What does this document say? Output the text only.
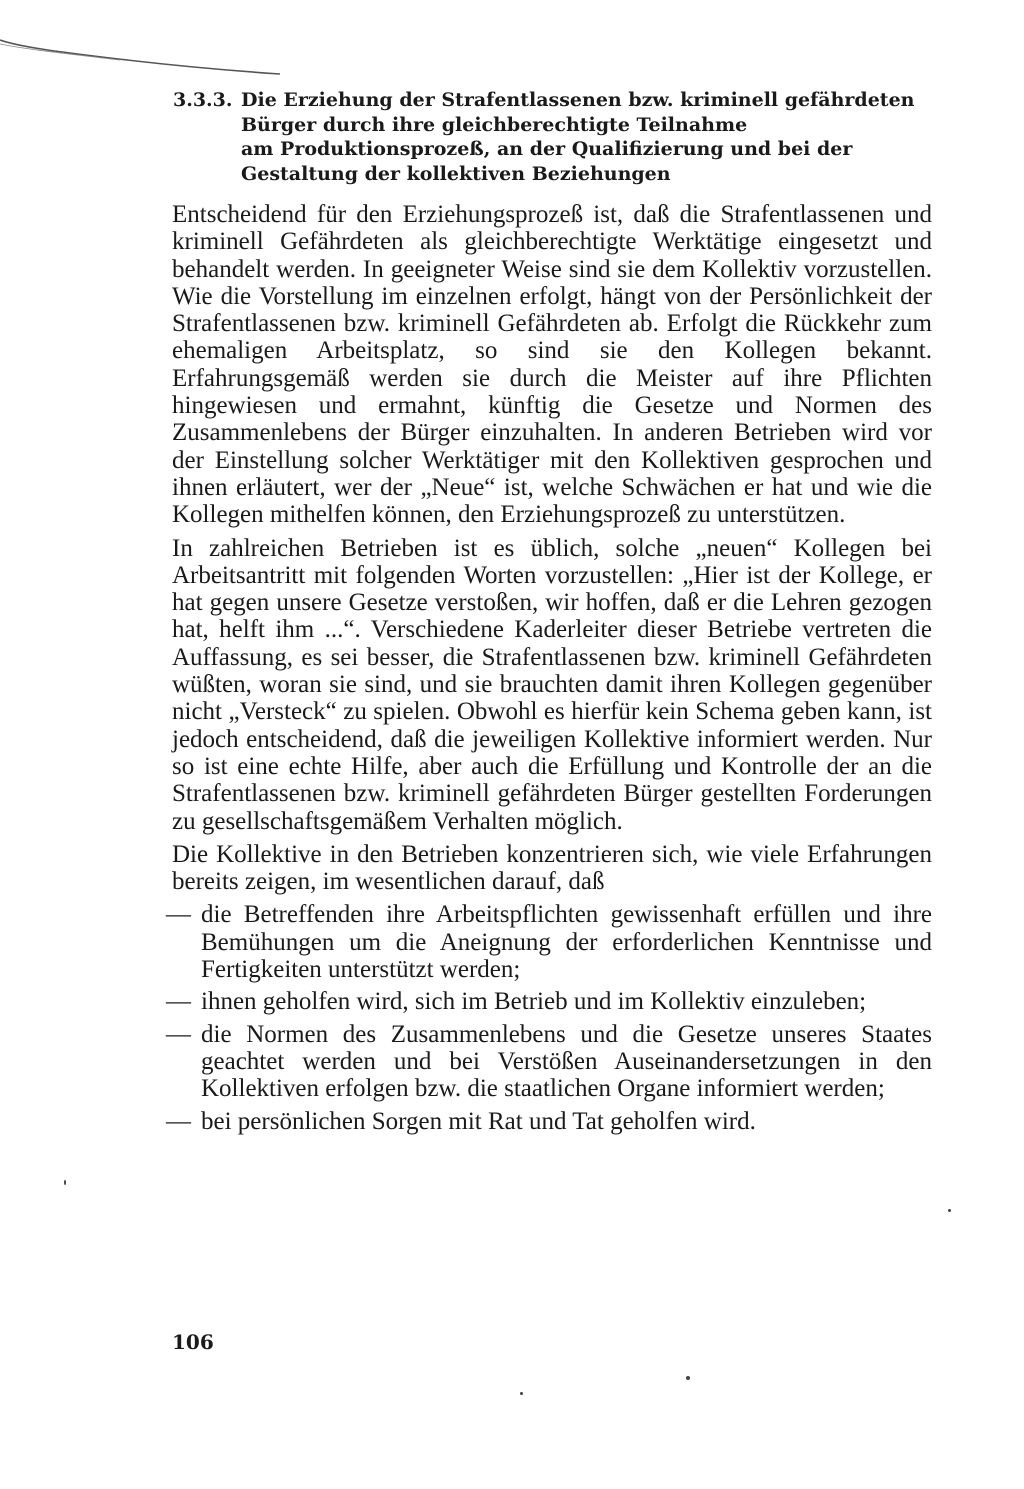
3.3.3. Die Erziehung der Strafentlassenen bzw. kriminell gefährdeten
Bürger durch ihre gleichberechtigte Teilnahme
am Produktionsprozeß, an der Qualifizierung und bei der
Gestaltung der kollektiven Beziehungen

Entscheidend für den Erziehungsprozeß ist, daß die Strafentlassenen und kriminell Gefährdeten als gleichberechtigte Werktätige eingesetzt und behandelt werden. In geeigneter Weise sind sie dem Kollektiv vorzustellen. Wie die Vorstellung im einzelnen erfolgt, hängt von der Persönlichkeit der Strafentlassenen bzw. kriminell Gefährdeten ab. Erfolgt die Rückkehr zum ehemaligen Arbeitsplatz, so sind sie den Kollegen bekannt. Erfahrungsgemäß werden sie durch die Meister auf ihre Pflichten hingewiesen und ermahnt, künftig die Gesetze und Normen des Zusammenlebens der Bürger einzuhalten. In anderen Betrieben wird vor der Einstellung solcher Werktätiger mit den Kollektiven gesprochen und ihnen erläutert, wer der „Neue“ ist, welche Schwächen er hat und wie die Kollegen mithelfen können, den Erziehungsprozeß zu unterstützen.

In zahlreichen Betrieben ist es üblich, solche „neuen“ Kollegen bei Arbeitsantritt mit folgenden Worten vorzustellen: „Hier ist der Kollege, er hat gegen unsere Gesetze verstoßen, wir hoffen, daß er die Lehren gezogen hat, helft ihm ...“. Verschiedene Kaderleiter dieser Betriebe vertreten die Auffassung, es sei besser, die Strafentlassenen bzw. kriminell Gefährdeten wüßten, woran sie sind, und sie brauchten damit ihren Kollegen gegenüber nicht „Versteck“ zu spielen. Obwohl es hierfür kein Schema geben kann, ist jedoch entscheidend, daß die jeweiligen Kollektive informiert werden. Nur so ist eine echte Hilfe, aber auch die Erfüllung und Kontrolle der an die Strafentlassenen bzw. kriminell gefährdeten Bürger gestellten Forderungen zu gesellschaftsgemäßem Verhalten möglich.

Die Kollektive in den Betrieben konzentrieren sich, wie viele Erfahrungen bereits zeigen, im wesentlichen darauf, daß

— die Betreffenden ihre Arbeitspflichten gewissenhaft erfüllen und ihre Bemühungen um die Aneignung der erforderlichen Kenntnisse und Fertigkeiten unterstützt werden;
— ihnen geholfen wird, sich im Betrieb und im Kollektiv einzuleben;
— die Normen des Zusammenlebens und die Gesetze unseres Staates geachtet werden und bei Verstößen Auseinandersetzungen in den Kollektiven erfolgen bzw. die staatlichen Organe informiert werden;
— bei persönlichen Sorgen mit Rat und Tat geholfen wird.
106
